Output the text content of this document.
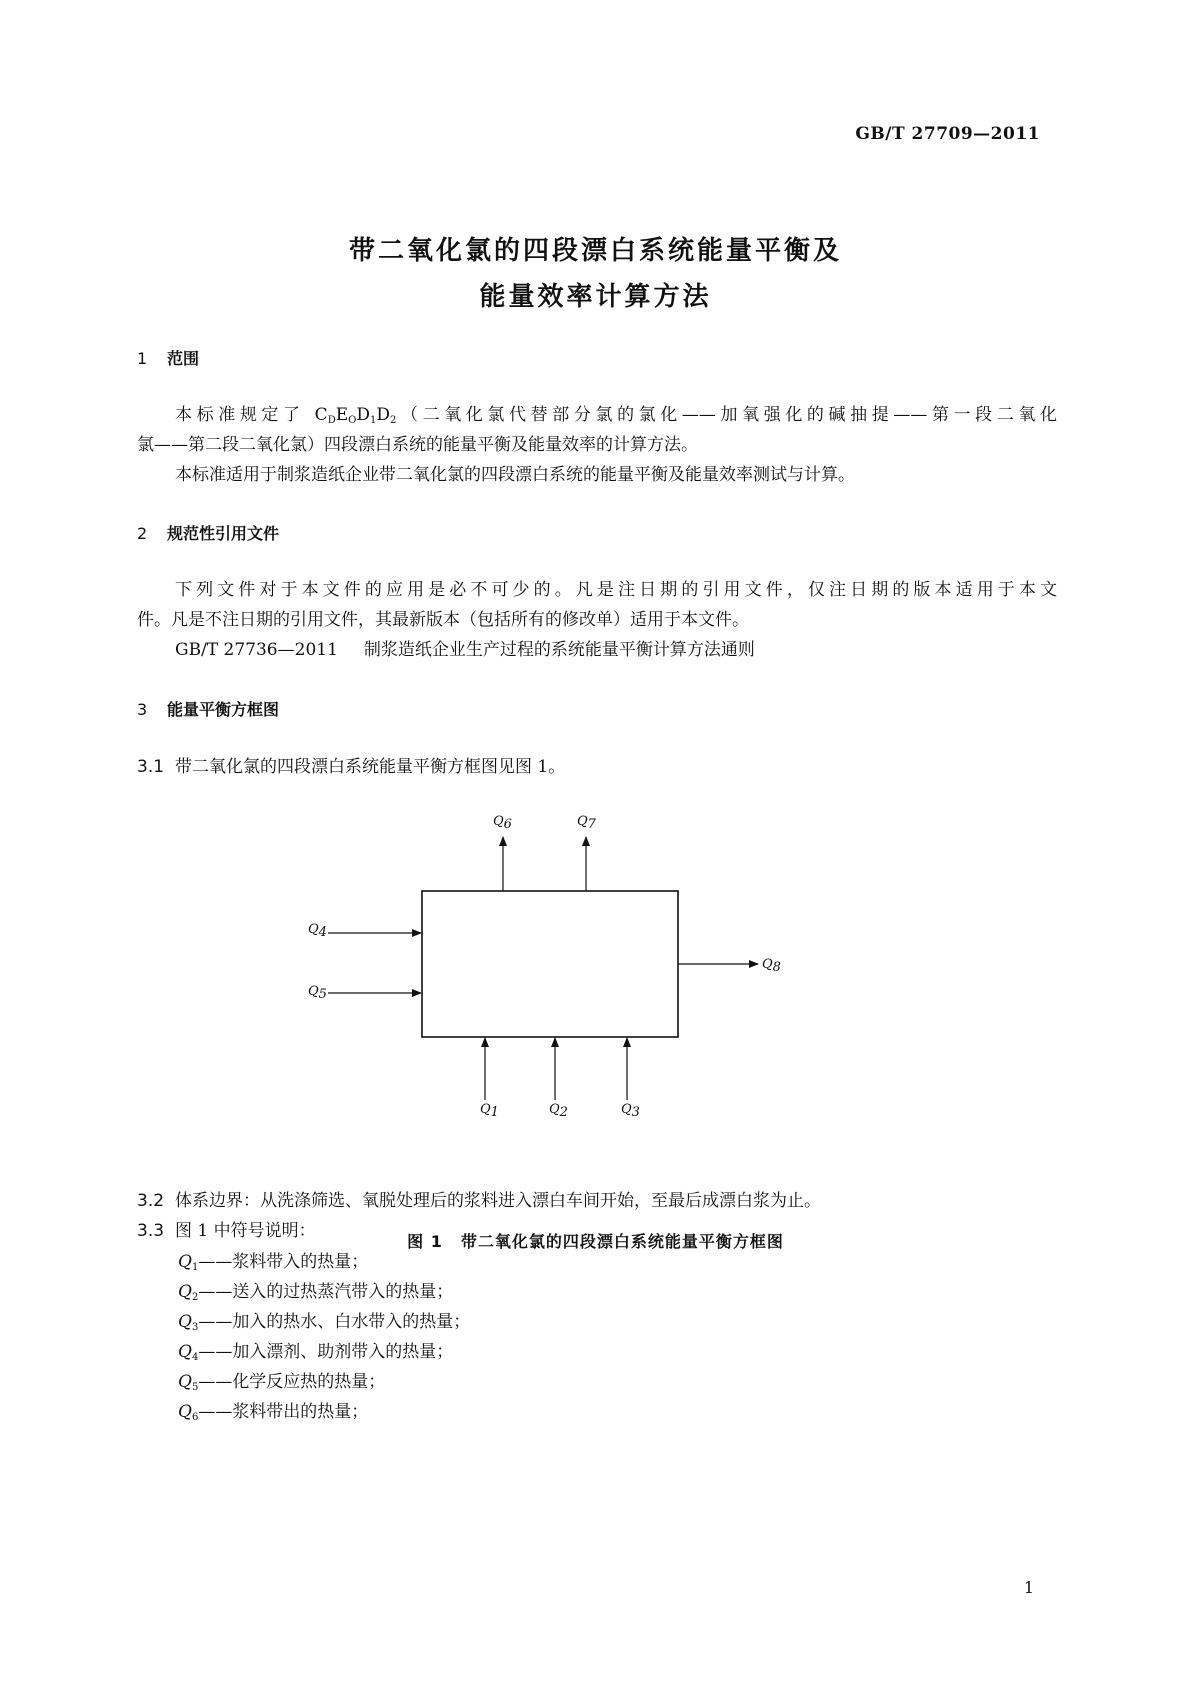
GB/T 27709—2011
带二氧化氯的四段漂白系统能量平衡及
能量效率计算方法
1 范围
本标准规定了 $C_DE_OD_1D_2$（二氧化氯代替部分氯的氯化——加氧强化的碱抽提——第一段二氧化
氯——第二段二氧化氯）四段漂白系统的能量平衡及能量效率的计算方法。
本标准适用于制浆造纸企业带二氧化氯的四段漂白系统的能量平衡及能量效率测试与计算。
2 规范性引用文件
下列文件对于本文件的应用是必不可少的。凡是注日期的引用文件，仅注日期的版本适用于本文
件。凡是不注日期的引用文件，其最新版本（包括所有的修改单）适用于本文件。
GB/T 27736—2011 制浆造纸企业生产过程的系统能量平衡计算方法通则
3 能量平衡方框图
3.1 带二氧化氯的四段漂白系统能量平衡方框图见图 1。
Q6	Q7
Q4
Q5
Q8
Q1	Q2	Q3
图 1 带二氧化氯的四段漂白系统能量平衡方框图
3.2 体系边界：从洗涤筛选、氧脱处理后的浆料进入漂白车间开始，至最后成漂白浆为止。
3.3 图 1 中符号说明：
$Q_1——$浆料带入的热量；
$Q_2——$送入的过热蒸汽带入的热量；
$Q_3——$加入的热水、白水带入的热量；
$Q_4——$加入漂剂、助剂带入的热量；
$Q_5——$化学反应热的热量；
$Q_6——$浆料带出的热量；
1
